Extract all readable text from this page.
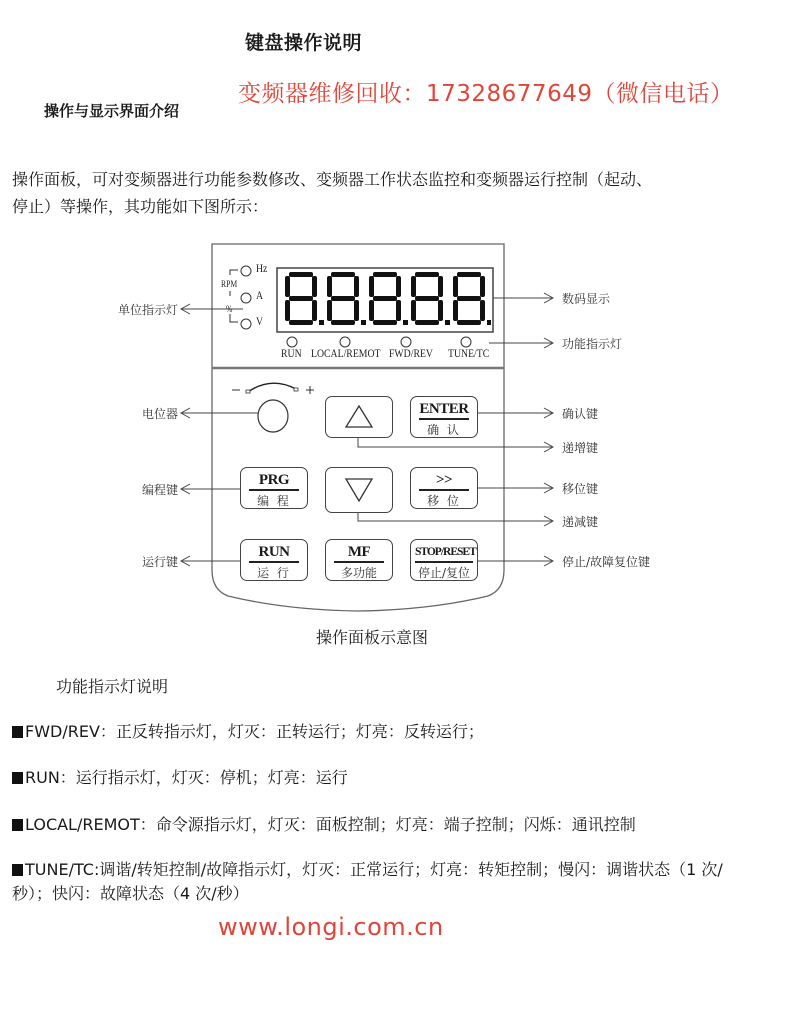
键盘操作说明
变频器维修回收：17328677649（微信电话）
操作与显示界面介绍
操作面板，可对变频器进行功能参数修改、变频器工作状态监控和变频器运行控制（起动、
停止）等操作，其功能如下图所示：
Hz
A
V
RPM
%
RUN LOCAL/REMOT FWD/REV TUNE/TC
ENTER
确 认
PRG
编 程
>>
移 位
RUN
运 行
MF
多功能
STOP/RESET
停止/复位
单位指示灯
电位器
编程键
运行键
数码显示
功能指示灯
确认键
递增键
移位键
递减键
停止/故障复位键
操作面板示意图
功能指示灯说明
FWD/REV：正反转指示灯，灯灭：正转运行；灯亮：反转运行；
RUN：运行指示灯，灯灭：停机；灯亮：运行
LOCAL/REMOT：命令源指示灯，灯灭：面板控制；灯亮：端子控制；闪烁：通讯控制
TUNE/TC:调谐/转矩控制/故障指示灯，灯灭：正常运行；灯亮：转矩控制；慢闪：调谐状态（1 次/秒）；快闪：故障状态（4 次/秒）
www.longi.com.cn
